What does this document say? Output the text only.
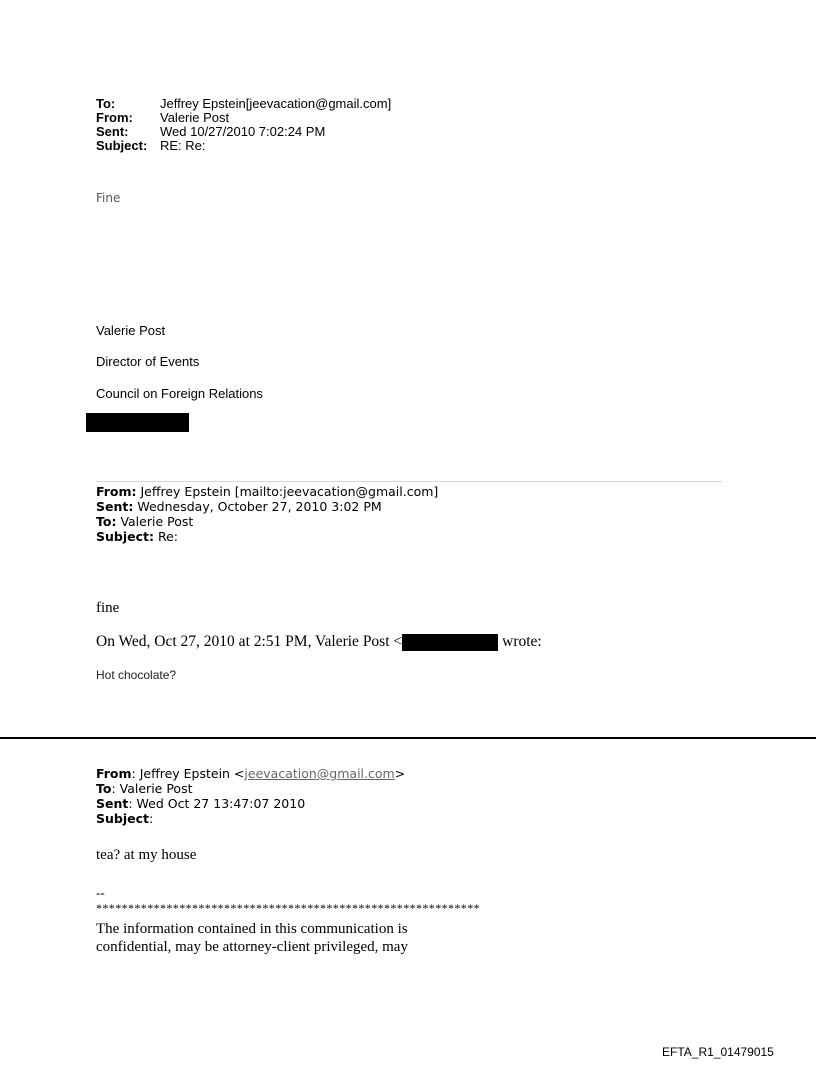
To:	Jeffrey Epstein[jeevacation@gmail.com]
From:	Valerie Post
Sent:	Wed 10/27/2010 7:02:24 PM
Subject: RE: Re:
Fine
Valerie Post
Director of Events
Council on Foreign Relations
From: Jeffrey Epstein [mailto:jeevacation@gmail.com]
Sent: Wednesday, October 27, 2010 3:02 PM
To: Valerie Post
Subject: Re:
fine
On Wed, Oct 27, 2010 at 2:51 PM, Valerie Post <	wrote:
Hot chocolate?
From: Jeffrey Epstein <jeevacation@gmail.com>
To: Valerie Post
Sent: Wed Oct 27 13:47:07 2010
Subject:
tea? at my house
--
************************************************************
The information contained in this communication is confidential, may be attorney-client privileged, may
EFTA_R1_01479015
